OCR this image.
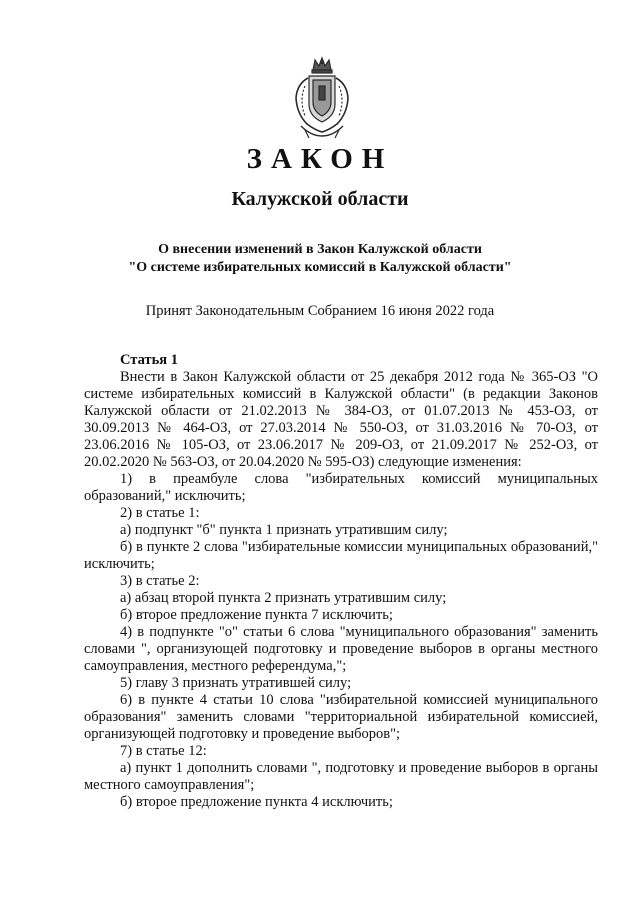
ЗАКОН
Калужской области
О внесении изменений в Закон Калужской области
"О системе избирательных комиссий в Калужской области"
Принят Законодательным Собранием 16 июня 2022 года
Статья 1

Внести в Закон Калужской области от 25 декабря 2012 года № 365-ОЗ "О системе избирательных комиссий в Калужской области" (в редакции Законов Калужской области от 21.02.2013 № 384-ОЗ, от 01.07.2013 № 453-ОЗ, от 30.09.2013 № 464-ОЗ, от 27.03.2014 № 550-ОЗ, от 31.03.2016 № 70-ОЗ, от 23.06.2016 № 105-ОЗ, от 23.06.2017 № 209-ОЗ, от 21.09.2017 № 252-ОЗ, от 20.02.2020 № 563-ОЗ, от 20.04.2020 № 595-ОЗ) следующие изменения:

1) в преамбуле слова "избирательных комиссий муниципальных образований," исключить;

2) в статье 1:

а) подпункт "б" пункта 1 признать утратившим силу;

б) в пункте 2 слова "избирательные комиссии муниципальных образований," исключить;

3) в статье 2:

а) абзац второй пункта 2 признать утратившим силу;

б) второе предложение пункта 7 исключить;

4) в подпункте "о" статьи 6 слова "муниципального образования" заменить словами ", организующей подготовку и проведение выборов в органы местного самоуправления, местного референдума,";

5) главу 3 признать утратившей силу;

6) в пункте 4 статьи 10 слова "избирательной комиссией муниципального образования" заменить словами "территориальной избирательной комиссией, организующей подготовку и проведение выборов";

7) в статье 12:

а) пункт 1 дополнить словами ", подготовку и проведение выборов в органы местного самоуправления";

б) второе предложение пункта 4 исключить;
